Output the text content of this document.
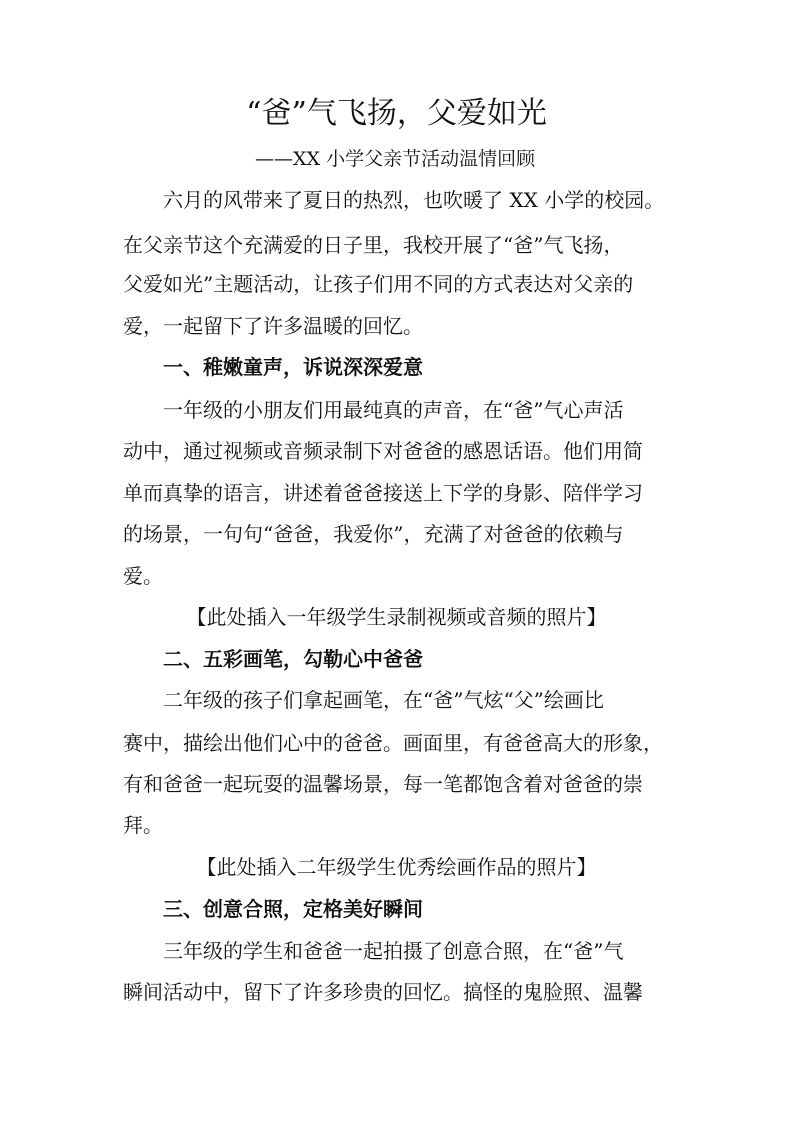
“爸”气飞扬，父爱如光
——XX 小学父亲节活动温情回顾
六月的风带来了夏日的热烈，也吹暖了 XX 小学的校园。
在父亲节这个充满爱的日子里，我校开展了“爸”气飞扬，
父爱如光”主题活动，让孩子们用不同的方式表达对父亲的
爱，一起留下了许多温暖的回忆。
一、稚嫩童声，诉说深深爱意
一年级的小朋友们用最纯真的声音，在“爸”气心声活
动中，通过视频或音频录制下对爸爸的感恩话语。他们用简
单而真挚的语言，讲述着爸爸接送上下学的身影、陪伴学习
的场景，一句句“爸爸，我爱你”，充满了对爸爸的依赖与
爱。
【此处插入一年级学生录制视频或音频的照片】
二、五彩画笔，勾勒心中爸爸
二年级的孩子们拿起画笔，在“爸”气炫“父”绘画比
赛中，描绘出他们心中的爸爸。画面里，有爸爸高大的形象，
有和爸爸一起玩耍的温馨场景，每一笔都饱含着对爸爸的崇
拜。
【此处插入二年级学生优秀绘画作品的照片】
三、创意合照，定格美好瞬间
三年级的学生和爸爸一起拍摄了创意合照，在“爸”气
瞬间活动中，留下了许多珍贵的回忆。搞怪的鬼脸照、温馨
